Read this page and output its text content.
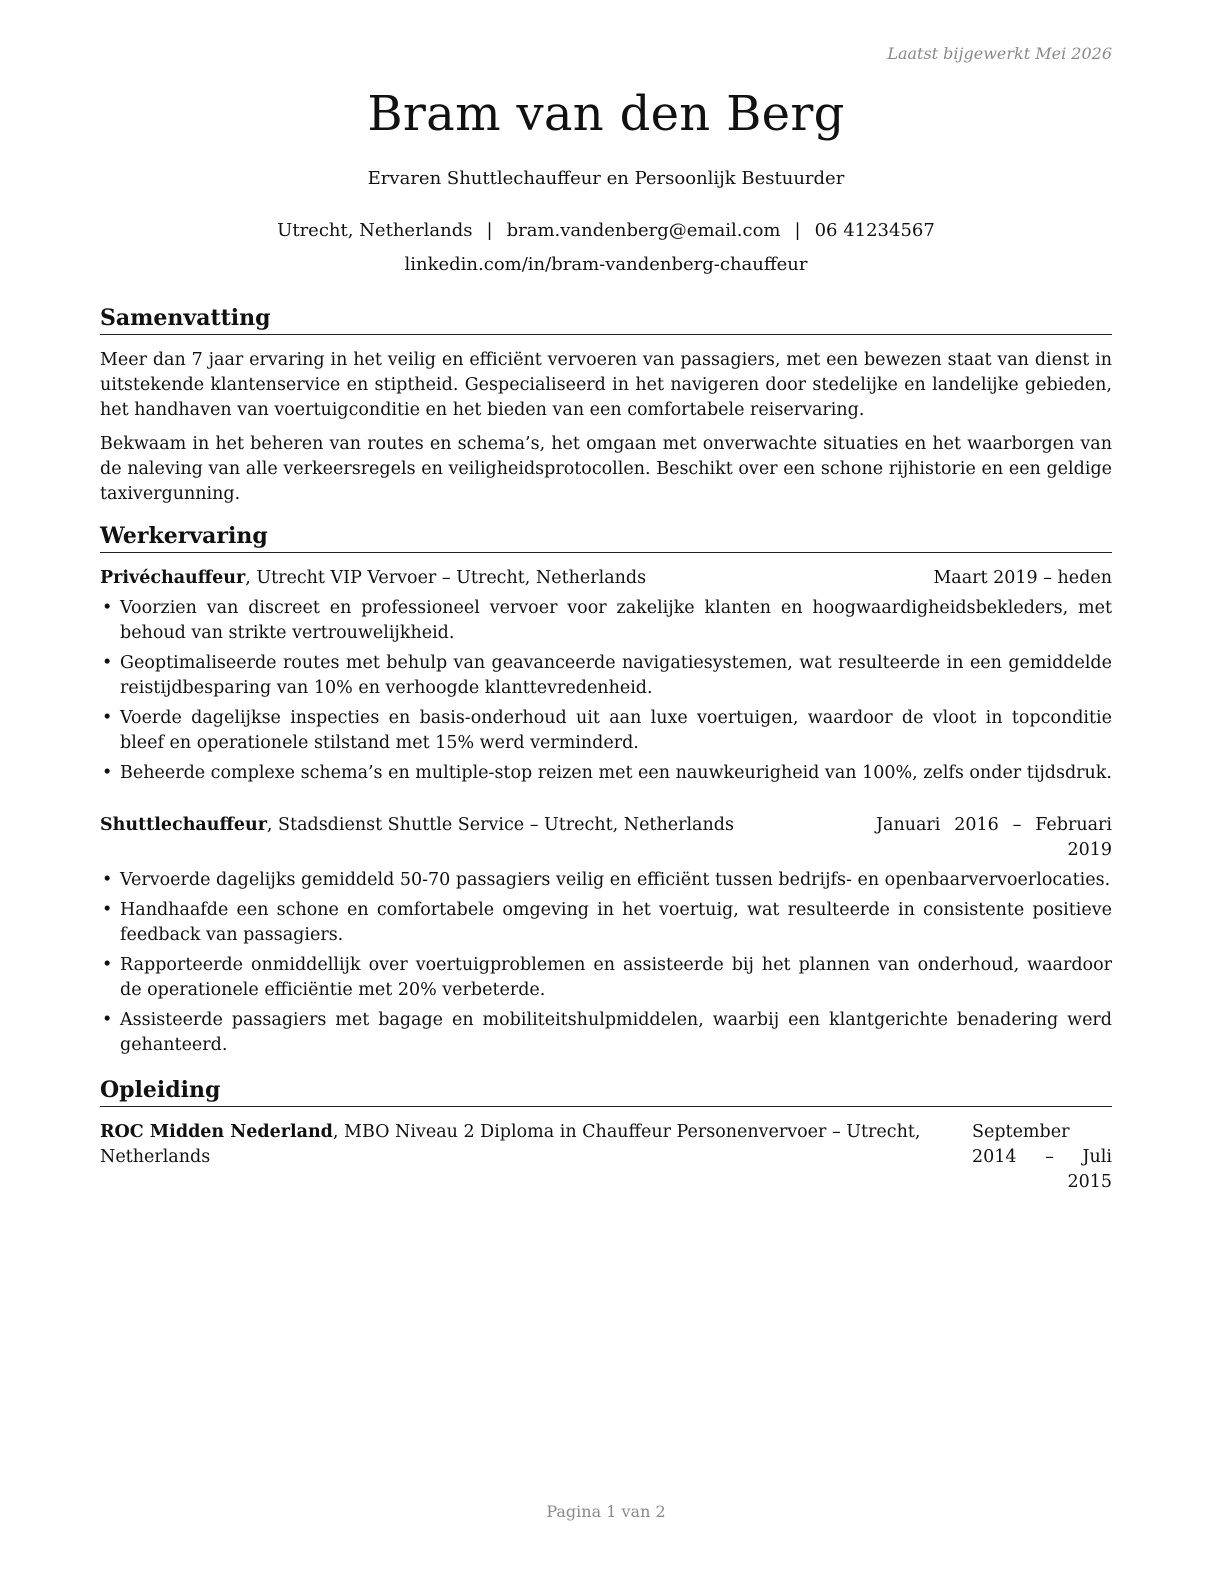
Laatst bijgewerkt Mei 2026
Bram van den Berg
Ervaren Shuttlechauffeur en Persoonlijk Bestuurder
Utrecht, Netherlands | bram.vandenberg@email.com | 06 41234567
linkedin.com/in/bram-vandenberg-chauffeur
Samenvatting

Meer dan 7 jaar ervaring in het veilig en efficiënt vervoeren van passagiers, met een bewezen staat van dienst in uitstekende klantenservice en stiptheid. Gespecialiseerd in het navigeren door stedelijke en landelijke gebieden, het handhaven van voertuigconditie en het bieden van een comfortabele reiservaring.

Bekwaam in het beheren van routes en schema’s, het omgaan met onverwachte situaties en het waarborgen van de naleving van alle verkeersregels en veiligheidsprotocollen. Beschikt over een schone rijhistorie en een geldige taxivergunning.

Werkervaring
Privéchauffeur, Utrecht VIP Vervoer – Utrecht, Netherlands	Maart 2019 – heden
• Voorzien van discreet en professioneel vervoer voor zakelijke klanten en hoogwaardigheidsbekleders, met behoud van strikte vertrouwelijkheid.
• Geoptimaliseerde routes met behulp van geavanceerde navigatiesystemen, wat resulteerde in een gemiddelde reistijdbesparing van 10% en verhoogde klanttevredenheid.
• Voerde dagelijkse inspecties en basis-onderhoud uit aan luxe voertuigen, waardoor de vloot in topconditie bleef en operationele stilstand met 15% werd verminderd.
• Beheerde complexe schema’s en multiple-stop reizen met een nauwkeurigheid van 100%, zelfs onder tijdsdruk.
Shuttlechauffeur, Stadsdienst Shuttle Service – Utrecht, Netherlands	Januari 2016 – Februari 2019
• Vervoerde dagelijks gemiddeld 50-70 passagiers veilig en efficiënt tussen bedrijfs- en openbaarvervoerlocaties.
• Handhaafde een schone en comfortabele omgeving in het voertuig, wat resulteerde in consistente positieve feedback van passagiers.
• Rapporteerde onmiddellijk over voertuigproblemen en assisteerde bij het plannen van onderhoud, waardoor de operationele efficiëntie met 20% verbeterde.
• Assisteerde passagiers met bagage en mobiliteitshulpmiddelen, waarbij een klantgerichte benadering werd gehanteerd.
Opleiding
ROC Midden Nederland, MBO Niveau 2 Diploma in Chauffeur Personenvervoer – Utrecht, Netherlands
September 2014 – Juli 2015
Pagina 1 van 2
